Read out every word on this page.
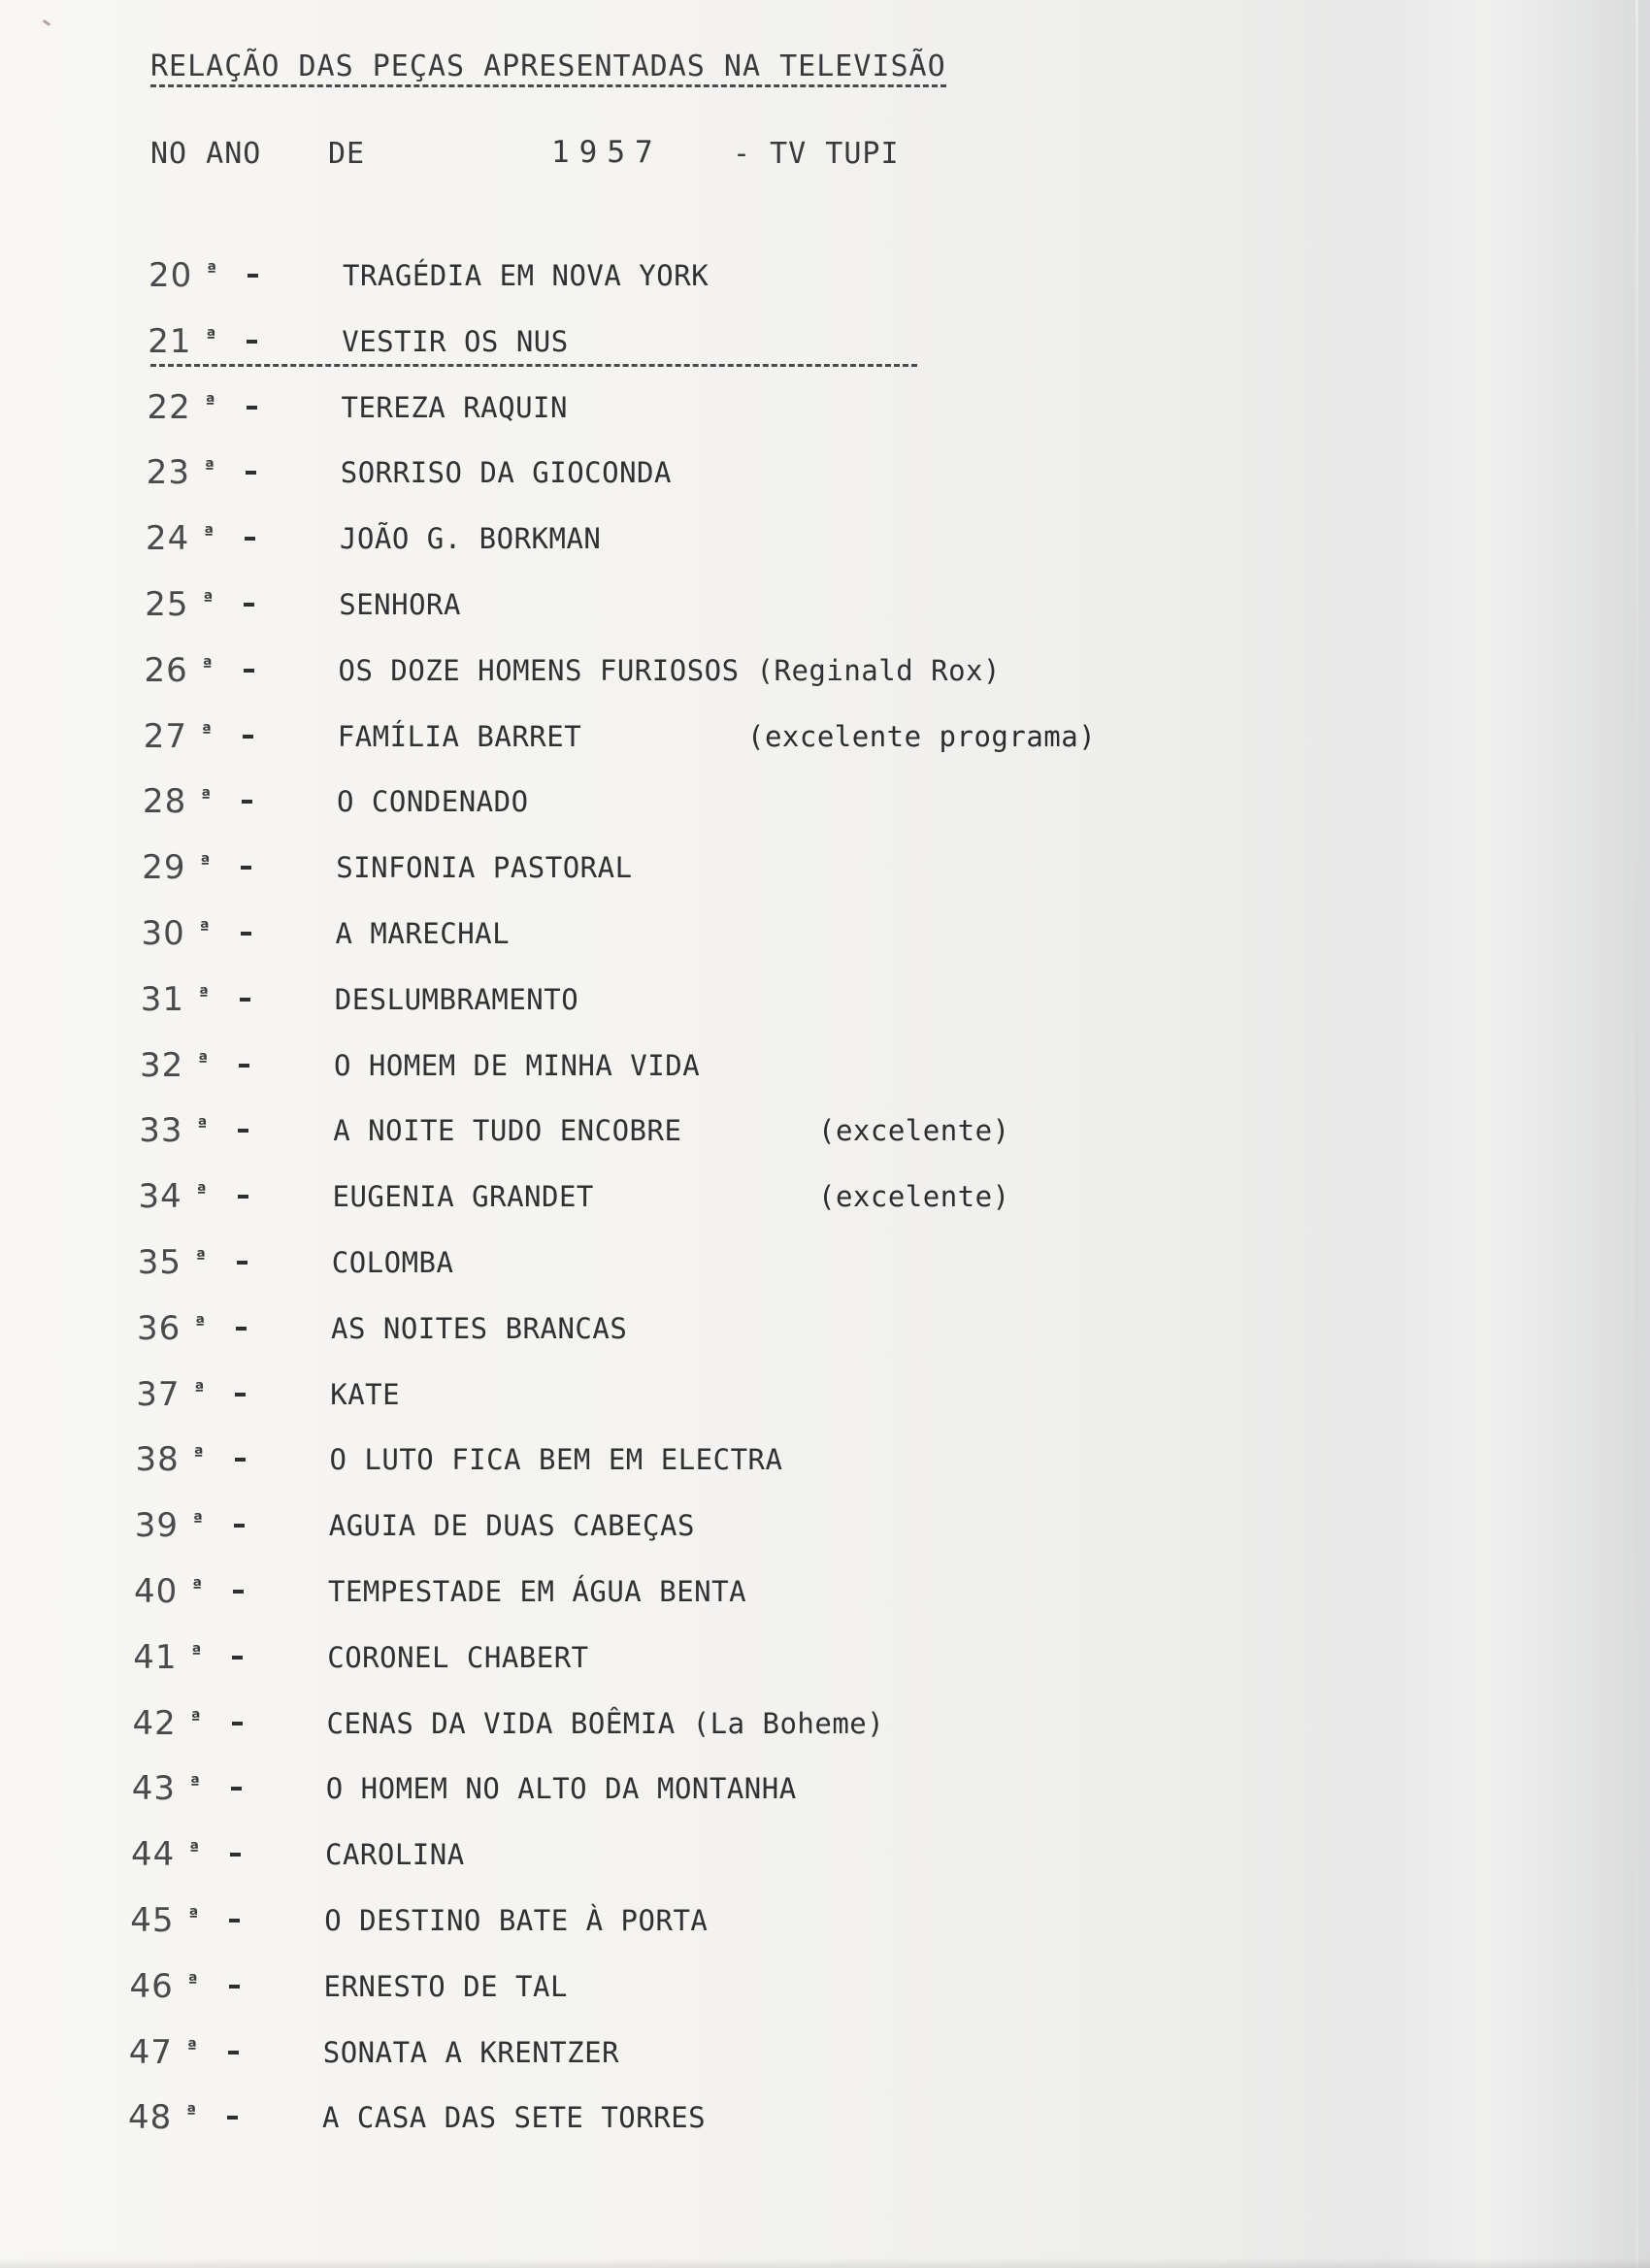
RELAÇÃO DAS PEÇAS APRESENTADAS NA TELEVISÃO

NO ANO

DE

	1957

- TV TUPI

20 ª	TRAGÉDIA EM NOVA YORK
21 ª	VESTIR OS NUS
22 ª	TEREZA RAQUIN
23 ª	SORRISO DA GIOCONDA
24 ª	JOÃO G. BORKMAN
25 ª	SENHORA
26 ª	OS DOZE HOMENS FURIOSOS (Reginald Rox)
27 ª	FAMÍLIA BARRET	(excelente programa)
28 ª	O CONDENADO
29 ª	SINFONIA PASTORAL
30 ª	A MARECHAL
31 ª	DESLUMBRAMENTO
32 ª	O HOMEM DE MINHA VIDA
33 ª	A NOITE TUDO ENCOBRE	(excelente)
34 ª	EUGENIA GRANDET	(excelente)
35 ª	COLOMBA
36 ª	AS NOITES BRANCAS
37 ª	KATE
38 ª	O LUTO FICA BEM EM ELECTRA
39 ª	AGUIA DE DUAS CABEÇAS
40 ª	TEMPESTADE EM ÁGUA BENTA
41 ª	CORONEL CHABERT
42 ª	CENAS DA VIDA BOÊMIA (La Boheme)
43 ª	O HOMEM NO ALTO DA MONTANHA
44 ª	CAROLINA
45 ª	O DESTINO BATE À PORTA
46 ª	ERNESTO DE TAL
47 ª	SONATA A KRENTZER
48 ª	A CASA DAS SETE TORRES
